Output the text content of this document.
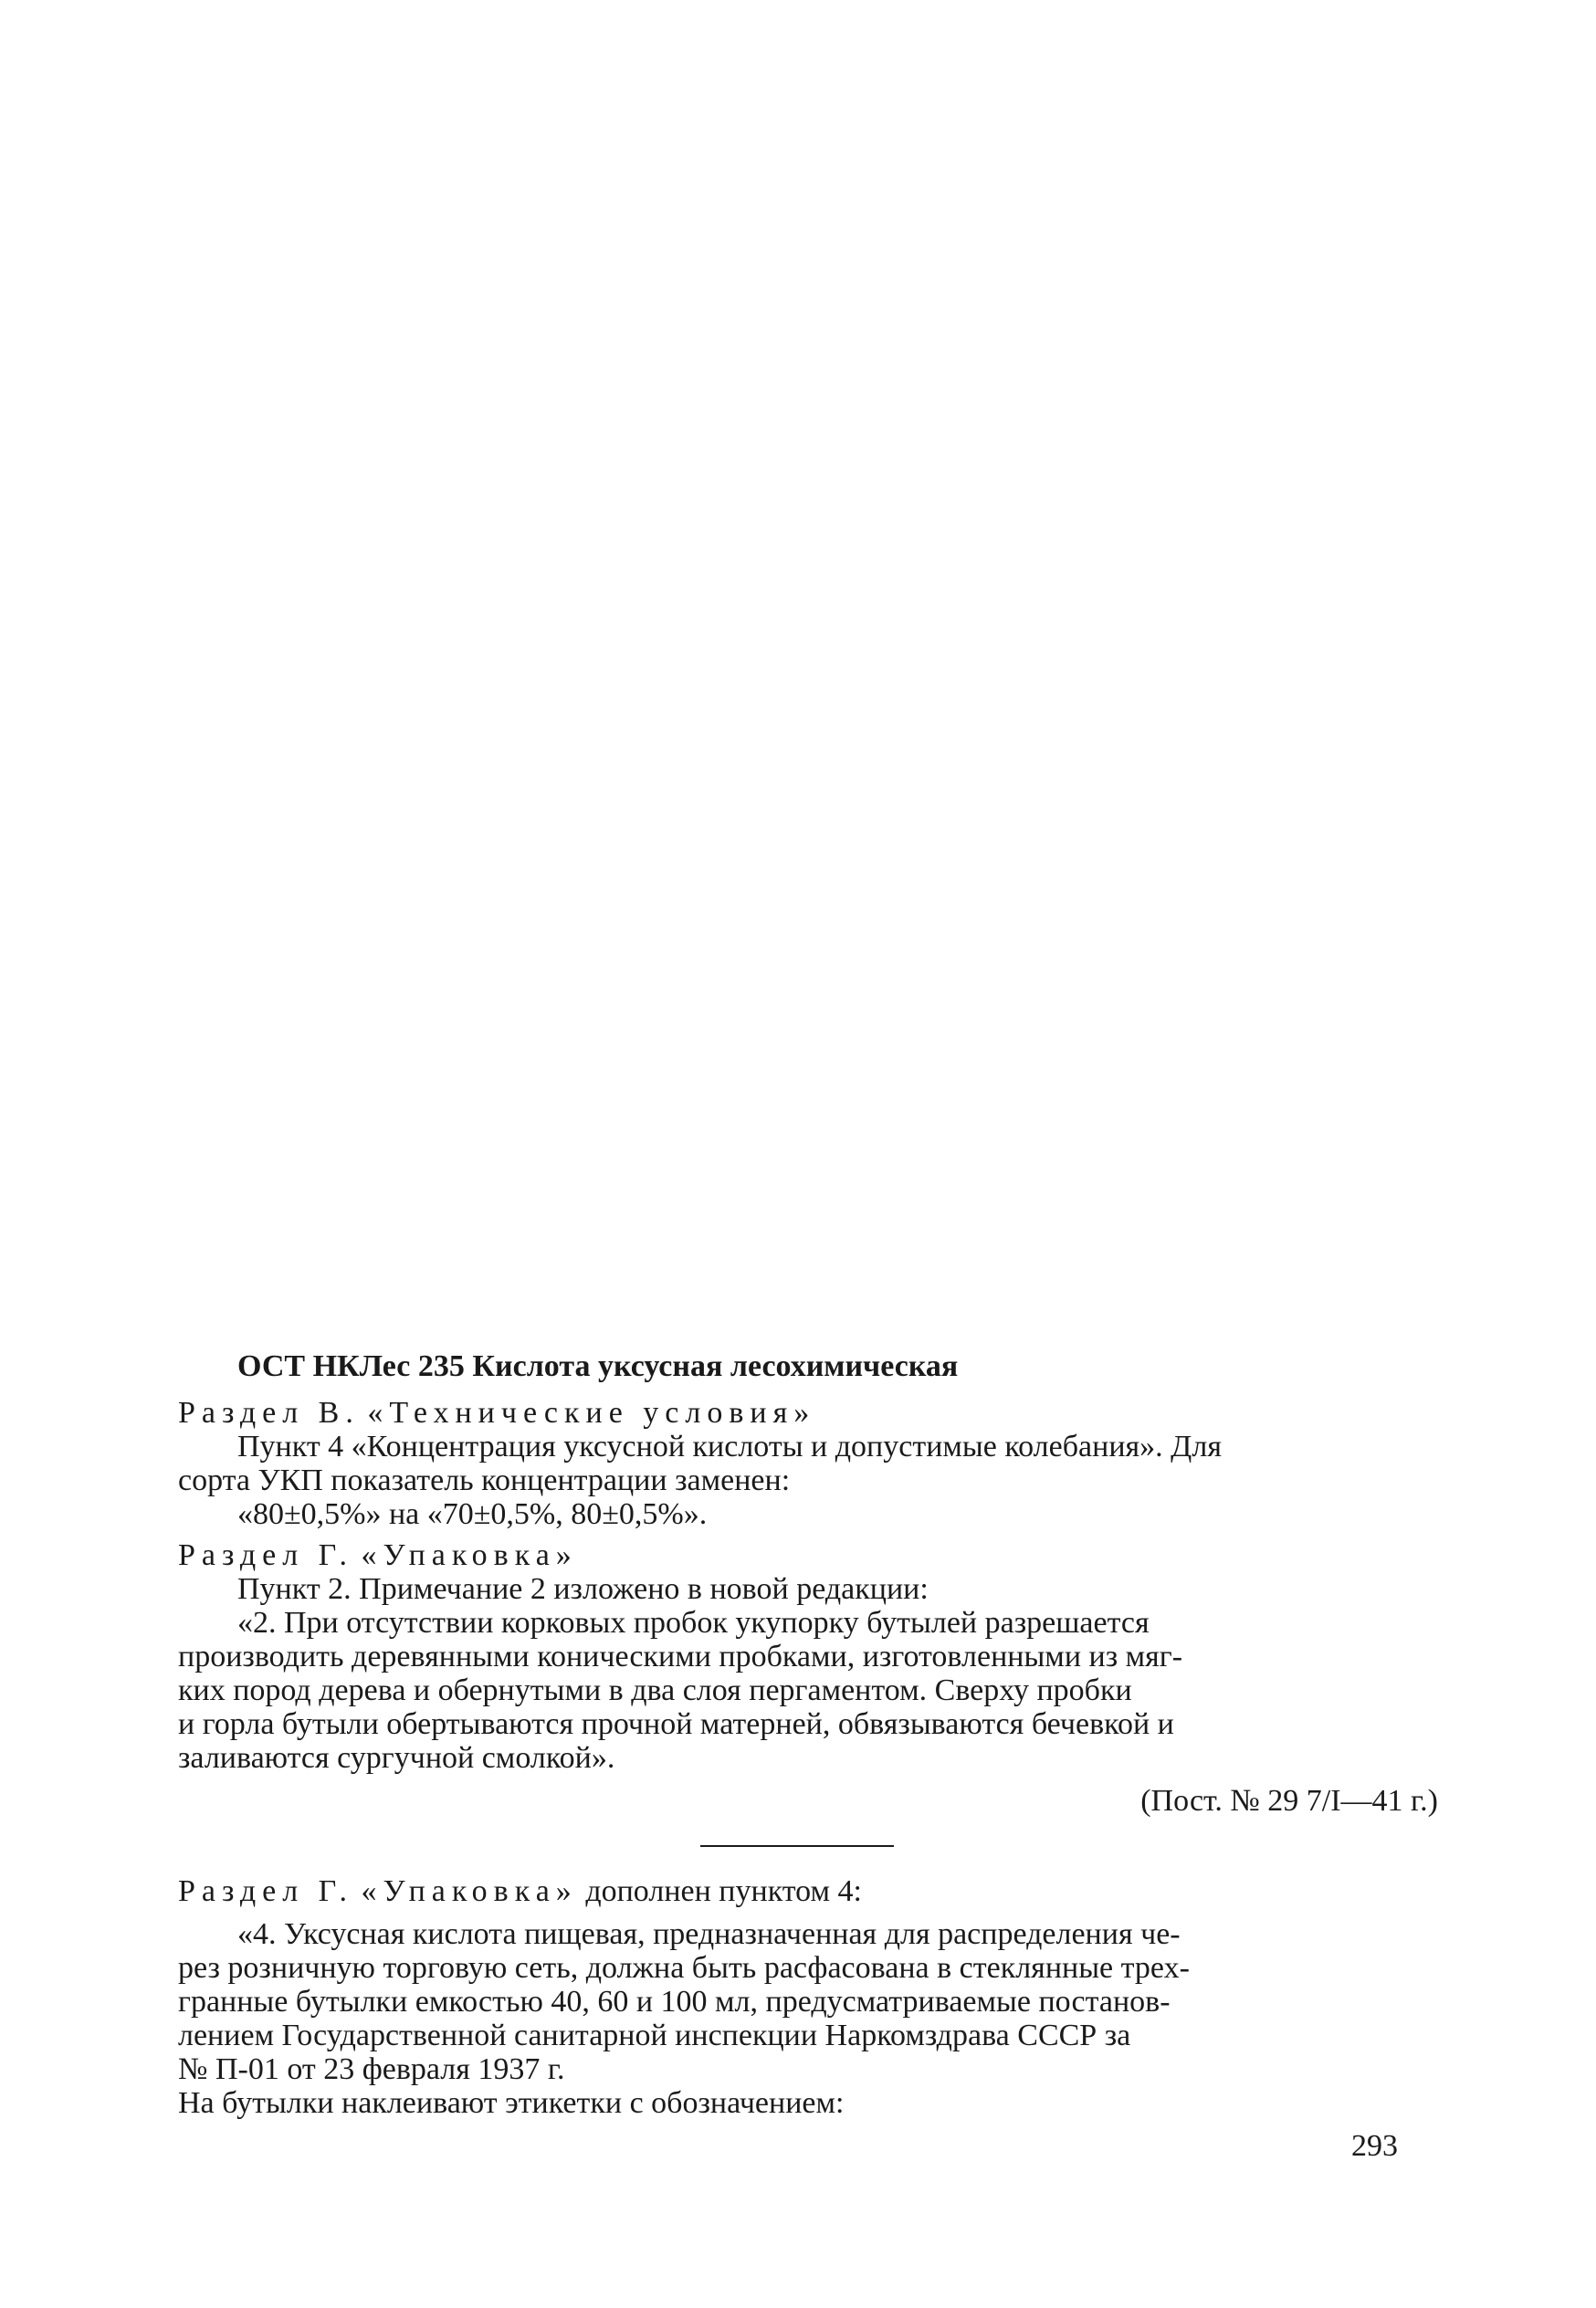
ОСТ НКЛес 235 Кислота уксусная лесохимическая
Раздел В. «Технические условия»
Пункт 4 «Концентрация уксусной кислоты и допустимые колебания». Для
сорта УКП показатель концентрации заменен:
«80±0,5%» на «70±0,5%, 80±0,5%».
Раздел Г. «Упаковка»
Пункт 2. Примечание 2 изложено в новой редакции:
«2. При отсутствии корковых пробок укупорку бутылей разрешается
производить деревянными коническими пробками, изготовленными из мяг-
ких пород дерева и обернутыми в два слоя пергаментом. Сверху пробки
и горла бутыли обертываются прочной матерней, обвязываются бечевкой и
заливаются сургучной смолкой».
(Пост. № 29 7/I—41 г.)
Раздел Г. «Упаковка» дополнен пунктом 4:
«4. Уксусная кислота пищевая, предназначенная для распределения че-
рез розничную торговую сеть, должна быть расфасована в стеклянные трех-
гранные бутылки емкостью 40, 60 и 100 мл, предусматриваемые постанов-
лением Государственной санитарной инспекции Наркомздрава СССР за
№ П-01 от 23 февраля 1937 г.
На бутылки наклеивают этикетки с обозначением:
293
